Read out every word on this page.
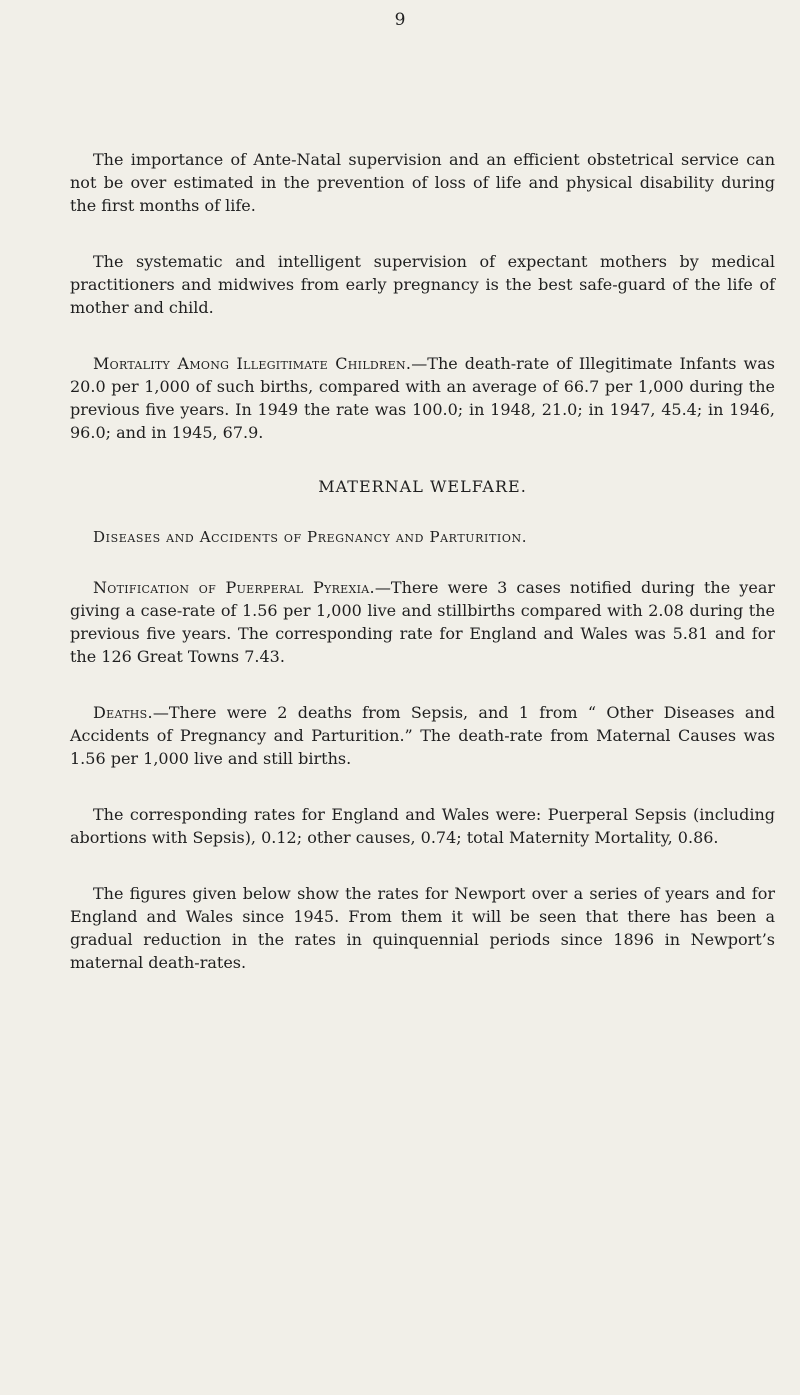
9

The importance of Ante-Natal supervision and an efficient obstetrical service can not be over estimated in the prevention of loss of life and physical disability during the first months of life.

The systematic and intelligent supervision of expectant mothers by medical practitioners and midwives from early pregnancy is the best safe-guard of the life of mother and child.

Mortality Among Illegitimate Children.—The death-rate of Illegitimate Infants was 20.0 per 1,000 of such births, compared with an average of 66.7 per 1,000 during the previous five years. In 1949 the rate was 100.0; in 1948, 21.0; in 1947, 45.4; in 1946, 96.0; and in 1945, 67.9.

MATERNAL WELFARE.
Diseases and Accidents of Pregnancy and Parturition.

Notification of Puerperal Pyrexia.—There were 3 cases notified during the year giving a case-rate of 1.56 per 1,000 live and stillbirths compared with 2.08 during the previous five years. The corresponding rate for England and Wales was 5.81 and for the 126 Great Towns 7.43.

Deaths.—There were 2 deaths from Sepsis, and 1 from “ Other Diseases and Accidents of Pregnancy and Parturition.” The death-rate from Maternal Causes was 1.56 per 1,000 live and still births.

The corresponding rates for England and Wales were: Puerperal Sepsis (including abortions with Sepsis), 0.12; other causes, 0.74; total Maternity Mortality, 0.86.

The figures given below show the rates for Newport over a series of years and for England and Wales since 1945. From them it will be seen that there has been a gradual reduction in the rates in quinquennial periods since 1896 in Newport’s maternal death-rates.
